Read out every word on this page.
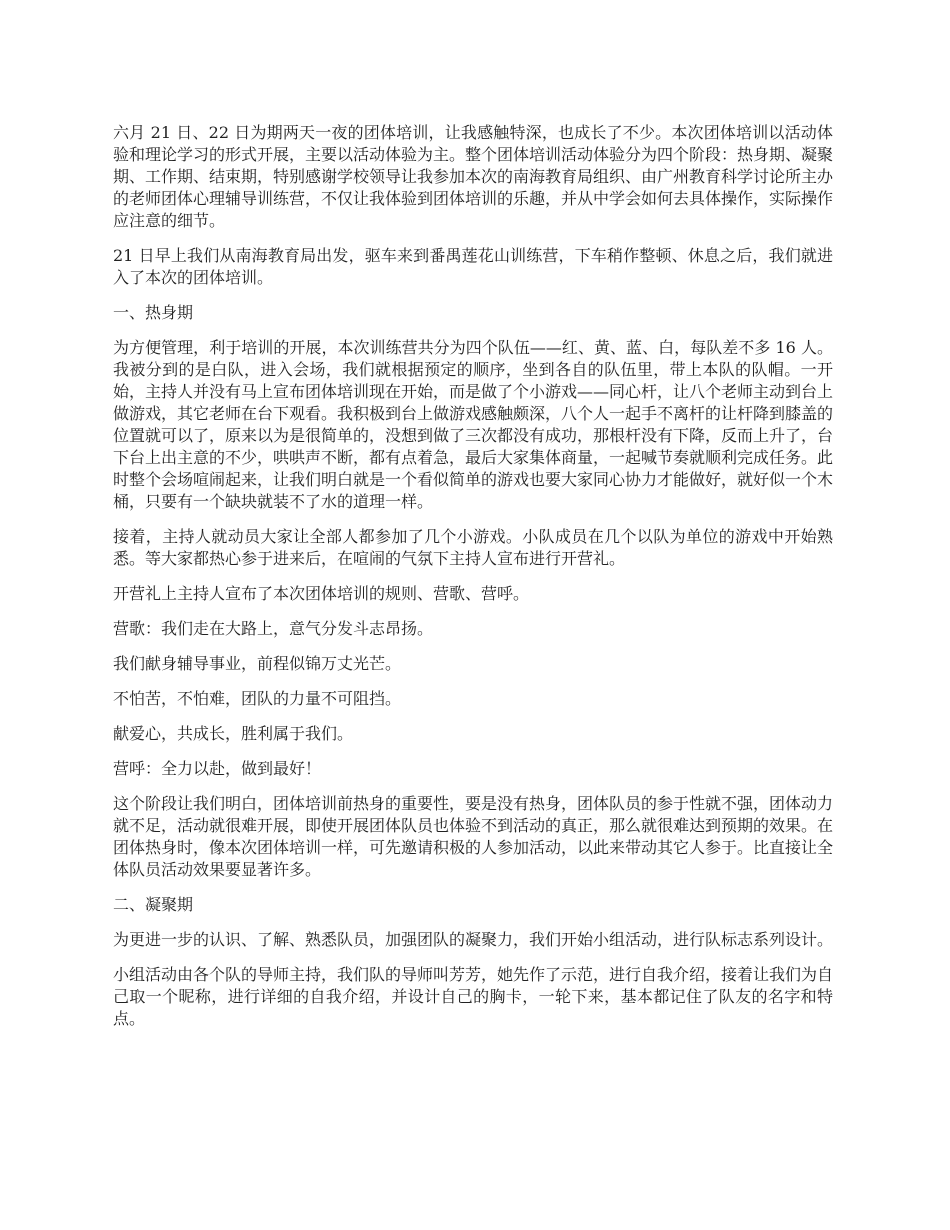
六月 21 日、22 日为期两天一夜的团体培训，让我感触特深，也成长了不少。本次团体培训以活动体验和理论学习的形式开展，主要以活动体验为主。整个团体培训活动体验分为四个阶段：热身期、凝聚期、工作期、结束期，特别感谢学校领导让我参加本次的南海教育局组织、由广州教育科学讨论所主办的老师团体心理辅导训练营，不仅让我体验到团体培训的乐趣，并从中学会如何去具体操作，实际操作应注意的细节。

21 日早上我们从南海教育局出发，驱车来到番禺莲花山训练营，下车稍作整顿、休息之后，我们就进入了本次的团体培训。

一、热身期

为方便管理，利于培训的开展，本次训练营共分为四个队伍——红、黄、蓝、白，每队差不多 16 人。我被分到的是白队，进入会场，我们就根据预定的顺序，坐到各自的队伍里，带上本队的队帽。一开始，主持人并没有马上宣布团体培训现在开始，而是做了个小游戏——同心杆，让八个老师主动到台上做游戏，其它老师在台下观看。我积极到台上做游戏感触颇深，八个人一起手不离杆的让杆降到膝盖的位置就可以了，原来以为是很简单的，没想到做了三次都没有成功，那根杆没有下降，反而上升了，台下台上出主意的不少，哄哄声不断，都有点着急，最后大家集体商量，一起喊节奏就顺利完成任务。此时整个会场喧闹起来，让我们明白就是一个看似简单的游戏也要大家同心协力才能做好，就好似一个木桶，只要有一个缺块就装不了水的道理一样。

接着，主持人就动员大家让全部人都参加了几个小游戏。小队成员在几个以队为单位的游戏中开始熟悉。等大家都热心参于进来后，在喧闹的气氛下主持人宣布进行开营礼。

开营礼上主持人宣布了本次团体培训的规则、营歌、营呼。

营歌：我们走在大路上，意气分发斗志昂扬。

我们献身辅导事业，前程似锦万丈光芒。

不怕苦，不怕难，团队的力量不可阻挡。

献爱心，共成长，胜利属于我们。

营呼：全力以赴，做到最好！

这个阶段让我们明白，团体培训前热身的重要性，要是没有热身，团体队员的参于性就不强，团体动力就不足，活动就很难开展，即使开展团体队员也体验不到活动的真正，那么就很难达到预期的效果。在团体热身时，像本次团体培训一样，可先邀请积极的人参加活动，以此来带动其它人参于。比直接让全体队员活动效果要显著许多。

二、凝聚期

为更进一步的认识、了解、熟悉队员，加强团队的凝聚力，我们开始小组活动，进行队标志系列设计。

小组活动由各个队的导师主持，我们队的导师叫芳芳，她先作了示范，进行自我介绍，接着让我们为自己取一个昵称，进行详细的自我介绍，并设计自己的胸卡，一轮下来，基本都记住了队友的名字和特点。
